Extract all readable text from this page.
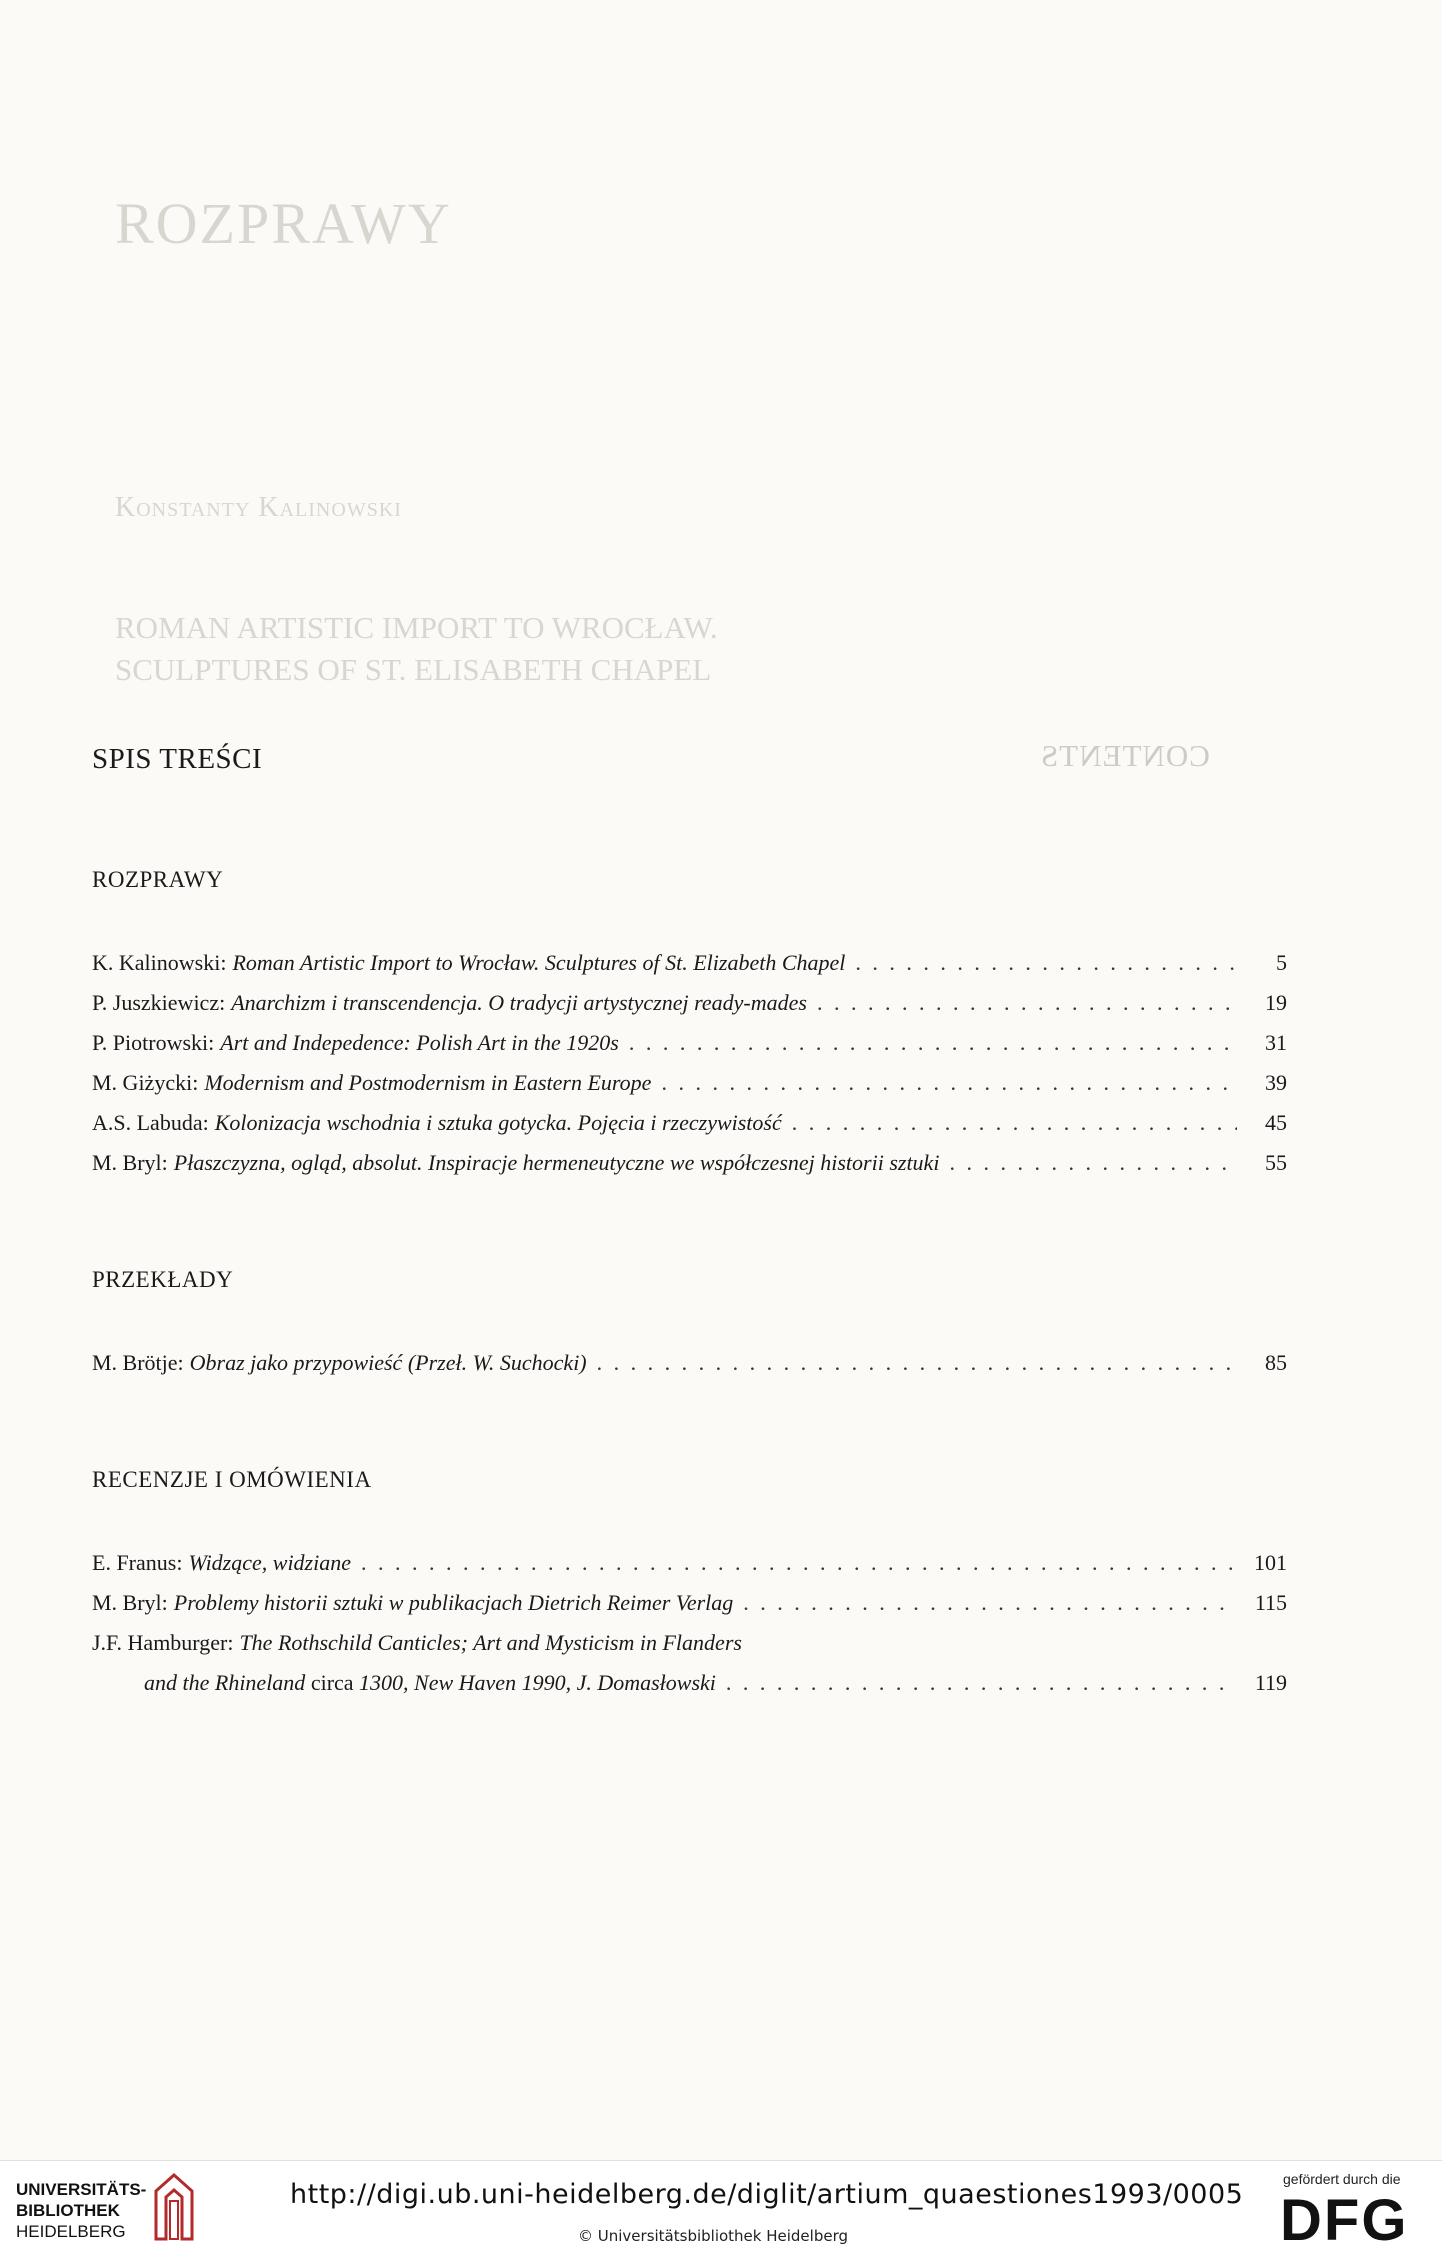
ROZPRAWY
Konstanty Kalinowski
ROMAN ARTISTIC IMPORT TO WROCŁAW.
SCULPTURES OF ST. ELISABETH CHAPEL
CONTENTS
SPIS TREŚCI
ROZPRAWY
K. Kalinowski: Roman Artistic Import to Wrocław. Sculptures of St. Elizabeth Chapel . . .	5
P. Juszkiewicz: Anarchizm i transcendencja. O tradycji artystycznej ready-mades . . .	19
P. Piotrowski: Art and Indepedence: Polish Art in the 1920s . . .	31
M. Giżycki: Modernism and Postmodernism in Eastern Europe . . .	39
A.S. Labuda: Kolonizacja wschodnia i sztuka gotycka. Pojęcia i rzeczywistość . . .	45
M. Bryl: Płaszczyzna, ogląd, absolut. Inspiracje hermeneutyczne we współczesnej historii sztuki . . .	55
PRZEKŁADY
M. Brötje: Obraz jako przypowieść (Przeł. W. Suchocki) . . .	85
RECENZJE I OMÓWIENIA
E. Franus: Widzące, widziane . . .	101
M. Bryl: Problemy historii sztuki w publikacjach Dietrich Reimer Verlag . . .	115
J.F. Hamburger: The Rothschild Canticles; Art and Mysticism in Flanders
and the Rhineland circa 1300, New Haven 1990, J. Domasłowski . . .	119
UNIVERSITÄTS-
BIBLIOTHEK
HEIDELBERG
http://digi.ub.uni-heidelberg.de/diglit/artium_quaestiones1993/0005
© Universitätsbibliothek Heidelberg
gefördert durch die
DFG
